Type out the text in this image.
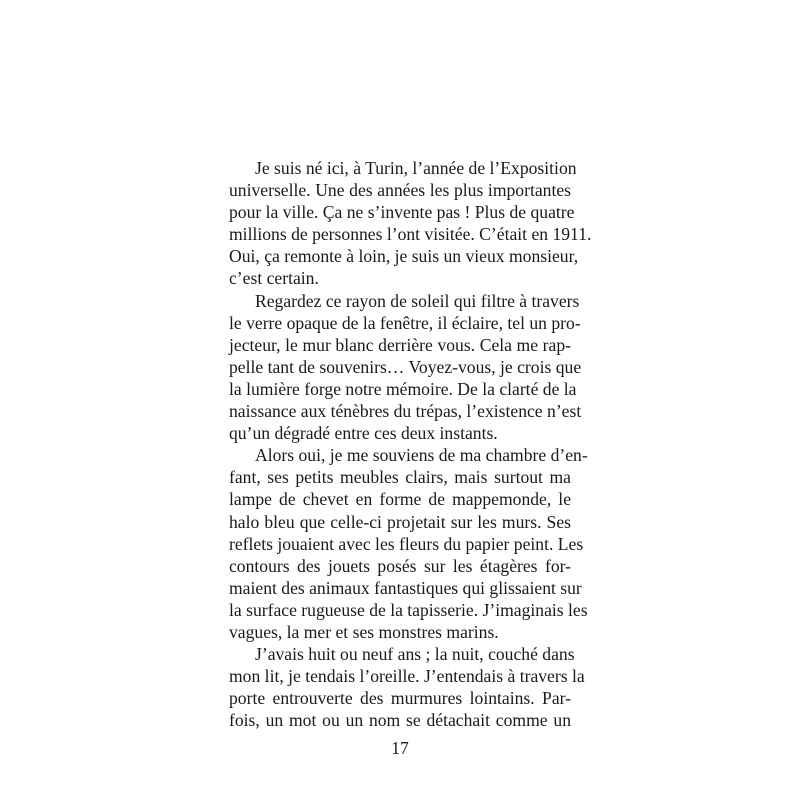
Je suis né ici, à Turin, l’année de l’Exposition
universelle. Une des années les plus importantes
pour la ville. Ça ne s’invente pas ! Plus de quatre
millions de personnes l’ont visitée. C’était en 1911.
Oui, ça remonte à loin, je suis un vieux monsieur,
c’est certain.
Regardez ce rayon de soleil qui filtre à travers
le verre opaque de la fenêtre, il éclaire, tel un pro-
jecteur, le mur blanc derrière vous. Cela me rap-
pelle tant de souvenirs… Voyez-vous, je crois que
la lumière forge notre mémoire. De la clarté de la
naissance aux ténèbres du trépas, l’existence n’est
qu’un dégradé entre ces deux instants.
Alors oui, je me souviens de ma chambre d’en-
fant, ses petits meubles clairs, mais surtout ma
lampe de chevet en forme de mappemonde, le
halo bleu que celle-ci projetait sur les murs. Ses
reflets jouaient avec les fleurs du papier peint. Les
contours des jouets posés sur les étagères for-
maient des animaux fantastiques qui glissaient sur
la surface rugueuse de la tapisserie. J’imaginais les
vagues, la mer et ses monstres marins.
J’avais huit ou neuf ans ; la nuit, couché dans
mon lit, je tendais l’oreille. J’entendais à travers la
porte entrouverte des murmures lointains. Par-
fois, un mot ou un nom se détachait comme un
17
